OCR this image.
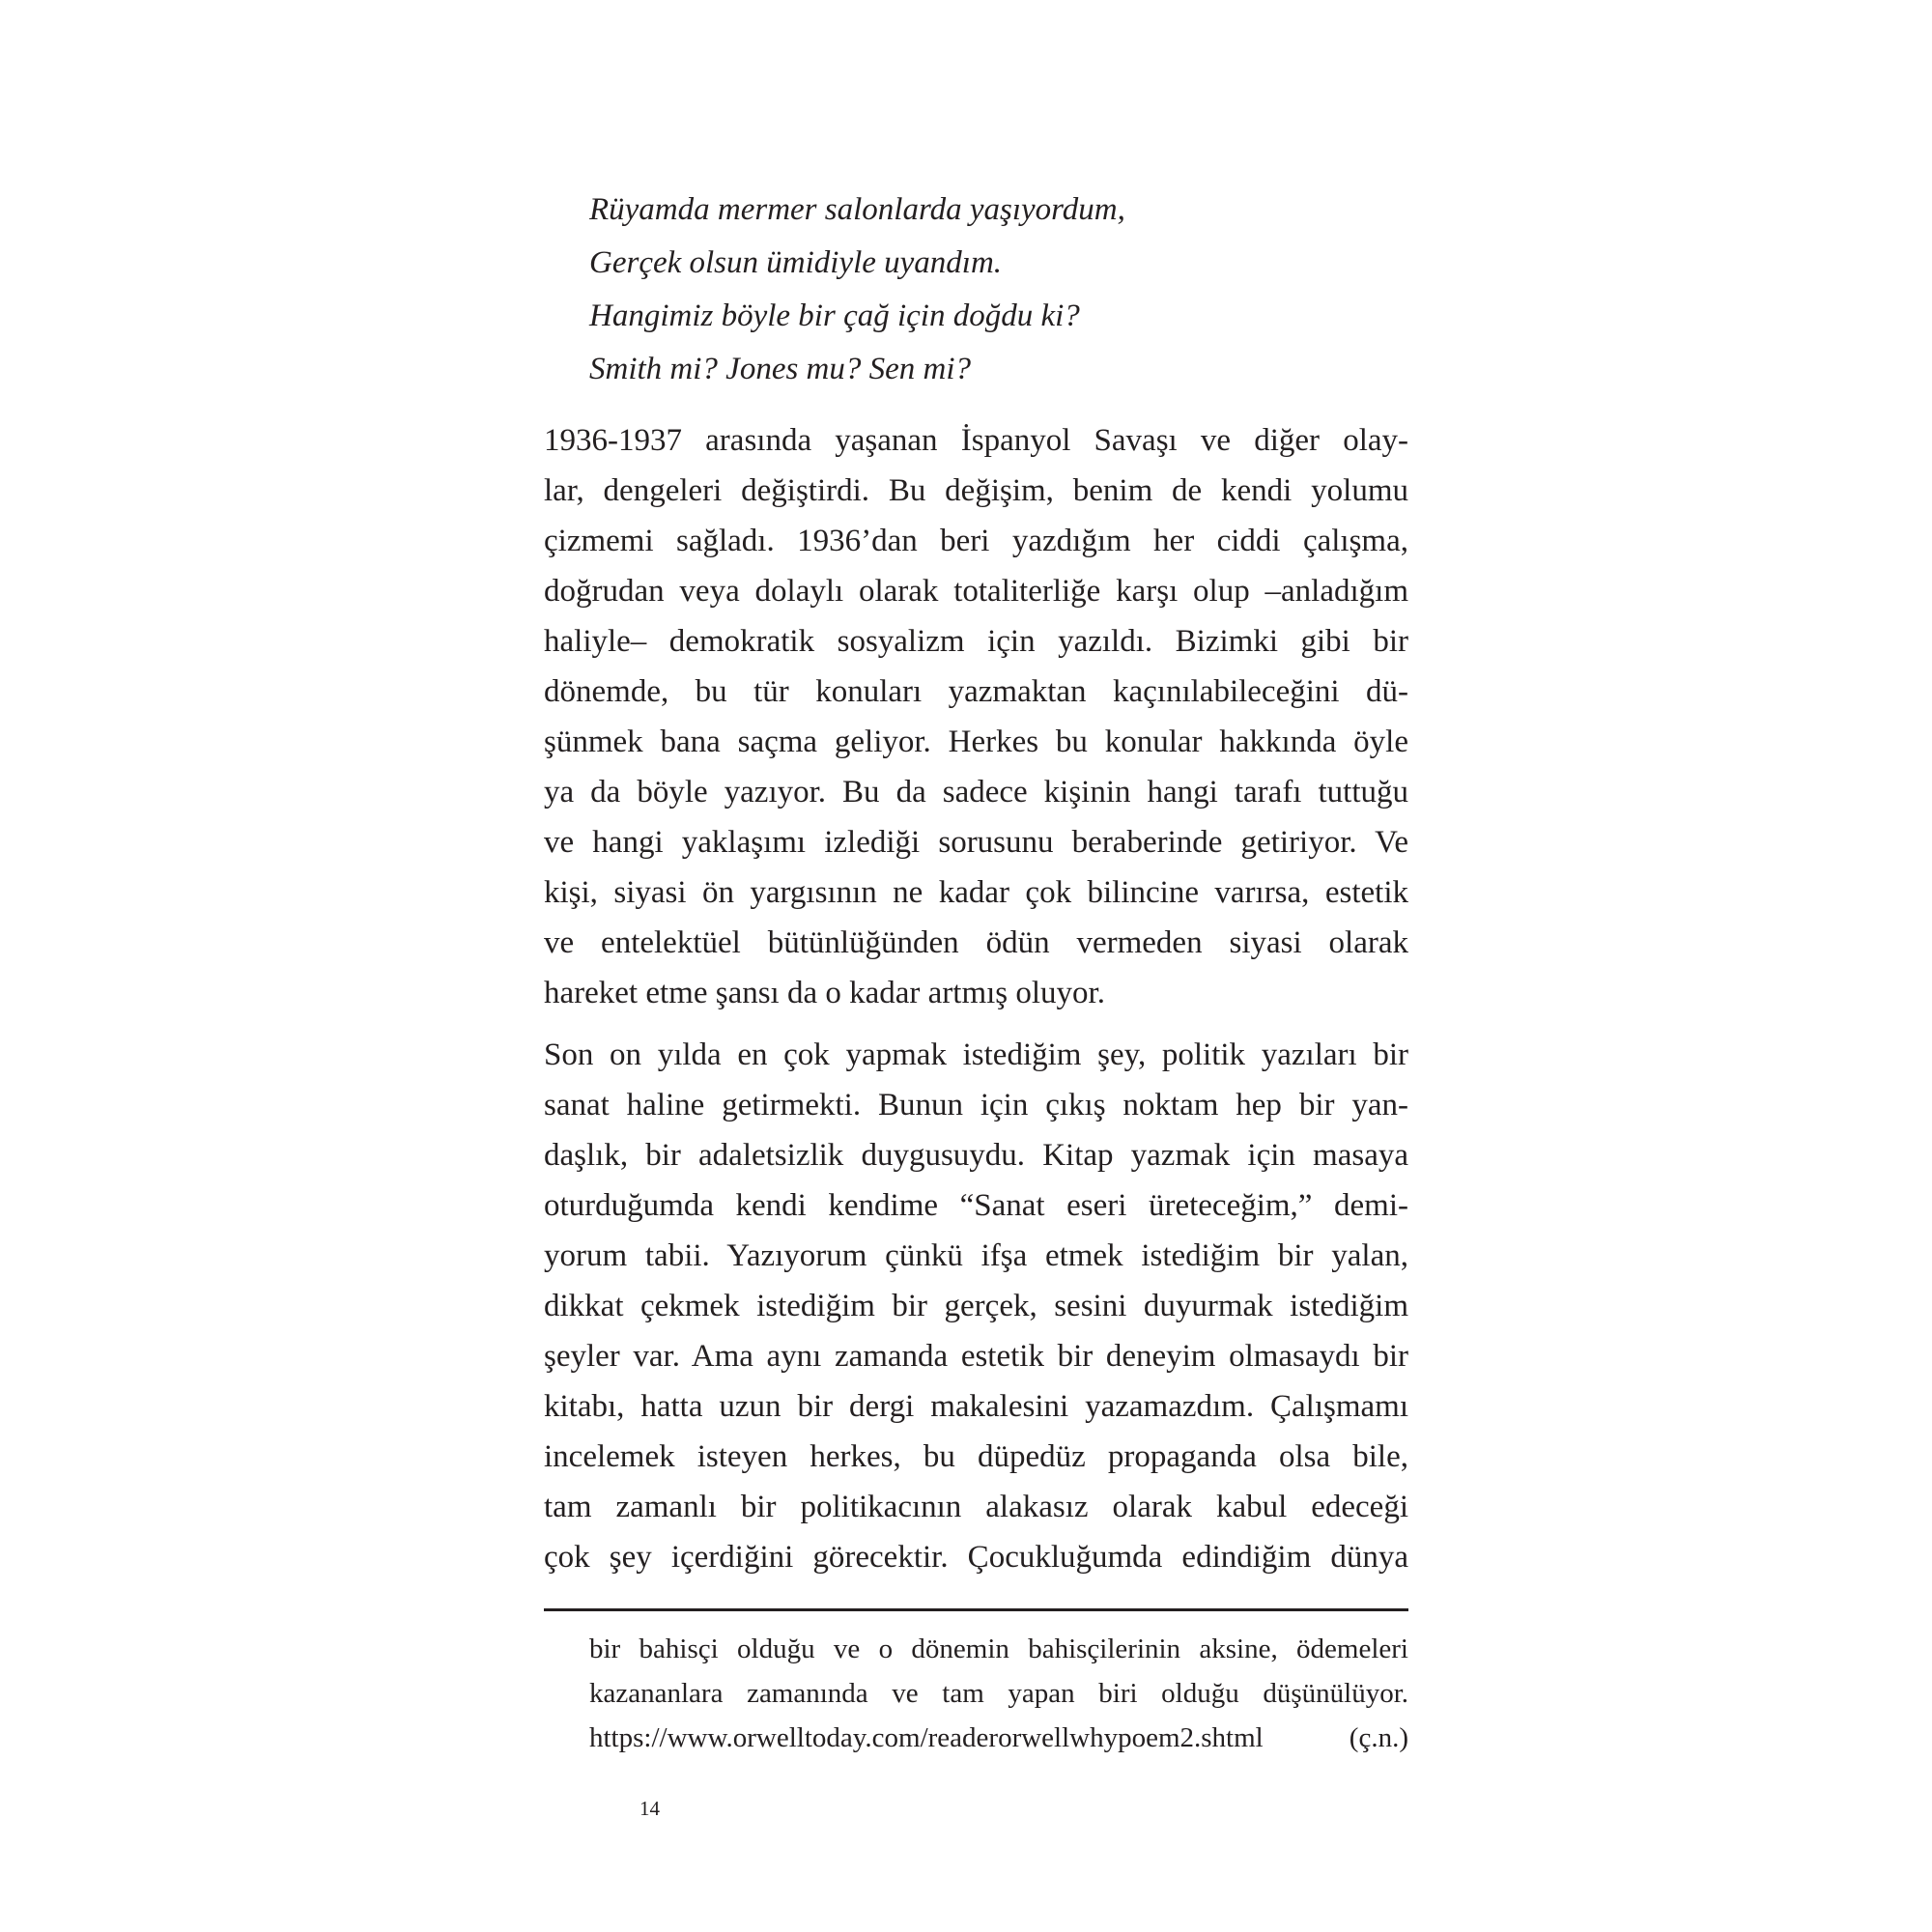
Rüyamda mermer salonlarda yaşıyordum,
Gerçek olsun ümidiyle uyandım.
Hangimiz böyle bir çağ için doğdu ki?
Smith mi? Jones mu? Sen mi?
1936-1937 arasında yaşanan İspanyol Savaşı ve diğer olay-
lar, dengeleri değiştirdi. Bu değişim, benim de kendi yolumu
çizmemi sağladı. 1936’dan beri yazdığım her ciddi çalışma,
doğrudan veya dolaylı olarak totaliterliğe karşı olup –anladığım
haliyle– demokratik sosyalizm için yazıldı. Bizimki gibi bir
dönemde, bu tür konuları yazmaktan kaçınılabileceğini dü-
şünmek bana saçma geliyor. Herkes bu konular hakkında öyle
ya da böyle yazıyor. Bu da sadece kişinin hangi tarafı tuttuğu
ve hangi yaklaşımı izlediği sorusunu beraberinde getiriyor. Ve
kişi, siyasi ön yargısının ne kadar çok bilincine varırsa, estetik
ve entelektüel bütünlüğünden ödün vermeden siyasi olarak
hareket etme şansı da o kadar artmış oluyor.
Son on yılda en çok yapmak istediğim şey, politik yazıları bir
sanat haline getirmekti. Bunun için çıkış noktam hep bir yan-
daşlık, bir adaletsizlik duygusuydu. Kitap yazmak için masaya
oturduğumda kendi kendime “Sanat eseri üreteceğim,” demi-
yorum tabii. Yazıyorum çünkü ifşa etmek istediğim bir yalan,
dikkat çekmek istediğim bir gerçek, sesini duyurmak istediğim
şeyler var. Ama aynı zamanda estetik bir deneyim olmasaydı bir
kitabı, hatta uzun bir dergi makalesini yazamazdım. Çalışmamı
incelemek isteyen herkes, bu düpedüz propaganda olsa bile,
tam zamanlı bir politikacının alakasız olarak kabul edeceği
çok şey içerdiğini görecektir. Çocukluğumda edindiğim dünya
bir bahisçi olduğu ve o dönemin bahisçilerinin aksine, ödemeleri
kazananlara zamanında ve tam yapan biri olduğu düşünülüyor.
https://www.orwelltoday.com/readerorwellwhypoem2.shtml (ç.n.)
14
